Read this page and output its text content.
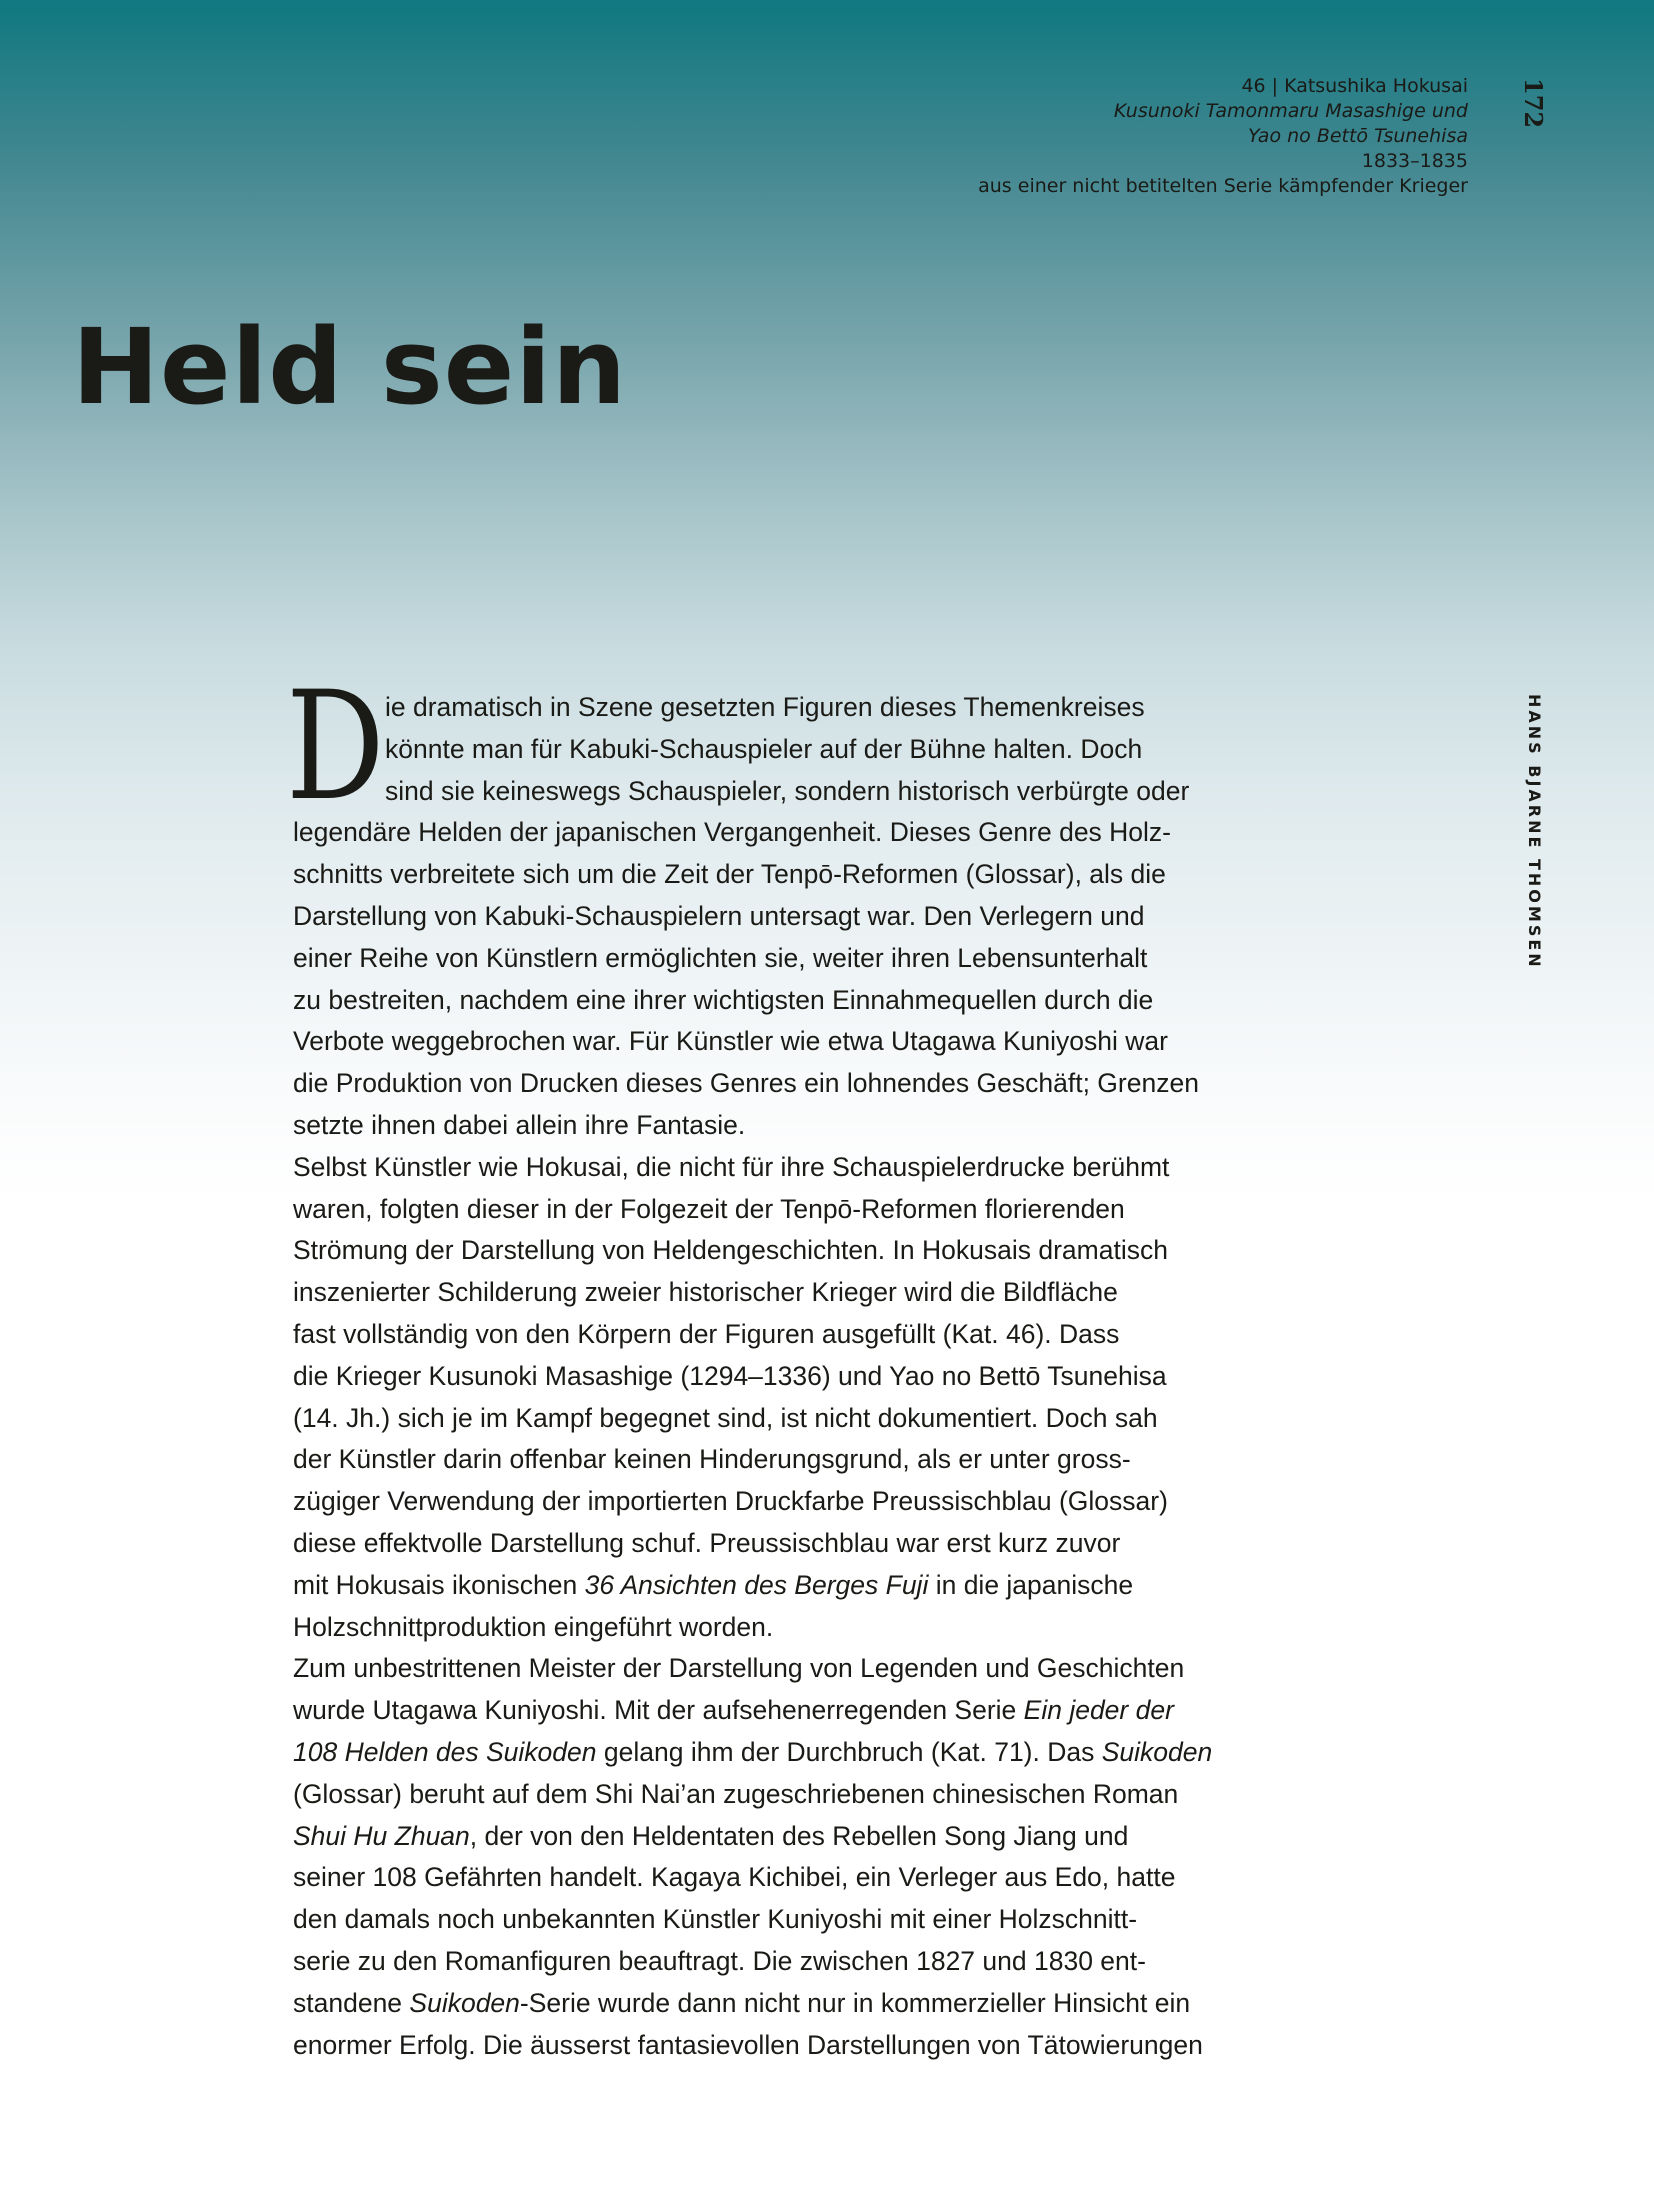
46 | Katsushika Hokusai
Kusunoki Tamonmaru Masashige und
Yao no Bettō Tsunehisa
1833–1835
aus einer nicht betitelten Serie kämpfender Krieger
172
HANS BJARNE THOMSEN
Held sein
D ie dramatisch in Szene gesetzten Figuren dieses Themenkreises
könnte man für Kabuki-Schauspieler auf der Bühne halten. Doch
sind sie keineswegs Schauspieler, sondern historisch verbürgte oder
legendäre Helden der japanischen Vergangenheit. Dieses Genre des Holz-
schnitts verbreitete sich um die Zeit der Tenpō-Reformen (Glossar), als die
Darstellung von Kabuki-Schauspielern untersagt war. Den Verlegern und
einer Reihe von Künstlern ermöglichten sie, weiter ihren Lebensunterhalt
zu bestreiten, nachdem eine ihrer wichtigsten Einnahmequellen durch die
Verbote weggebrochen war. Für Künstler wie etwa Utagawa Kuniyoshi war
die Produktion von Drucken dieses Genres ein lohnendes Geschäft; Grenzen
setzte ihnen dabei allein ihre Fantasie.
Selbst Künstler wie Hokusai, die nicht für ihre Schauspielerdrucke berühmt
waren, folgten dieser in der Folgezeit der Tenpō-Reformen florierenden
Strömung der Darstellung von Heldengeschichten. In Hokusais dramatisch
inszenierter Schilderung zweier historischer Krieger wird die Bildfläche
fast vollständig von den Körpern der Figuren ausgefüllt (Kat. 46). Dass
die Krieger Kusunoki Masashige (1294–1336) und Yao no Bettō Tsunehisa
(14. Jh.) sich je im Kampf begegnet sind, ist nicht dokumentiert. Doch sah
der Künstler darin offenbar keinen Hinderungsgrund, als er unter gross-
zügiger Verwendung der importierten Druckfarbe Preussischblau (Glossar)
diese effektvolle Darstellung schuf. Preussischblau war erst kurz zuvor
mit Hokusais ikonischen 36 Ansichten des Berges Fuji in die japanische
Holzschnittproduktion eingeführt worden.
Zum unbestrittenen Meister der Darstellung von Legenden und Geschichten
wurde Utagawa Kuniyoshi. Mit der aufsehenerregenden Serie Ein jeder der
108 Helden des Suikoden gelang ihm der Durchbruch (Kat. 71). Das Suikoden
(Glossar) beruht auf dem Shi Nai’an zugeschriebenen chinesischen Roman
Shui Hu Zhuan, der von den Heldentaten des Rebellen Song Jiang und
seiner 108 Gefährten handelt. Kagaya Kichibei, ein Verleger aus Edo, hatte
den damals noch unbekannten Künstler Kuniyoshi mit einer Holzschnitt-
serie zu den Romanfiguren beauftragt. Die zwischen 1827 und 1830 ent-
standene Suikoden-Serie wurde dann nicht nur in kommerzieller Hinsicht ein
enormer Erfolg. Die äusserst fantasievollen Darstellungen von Tätowierungen
